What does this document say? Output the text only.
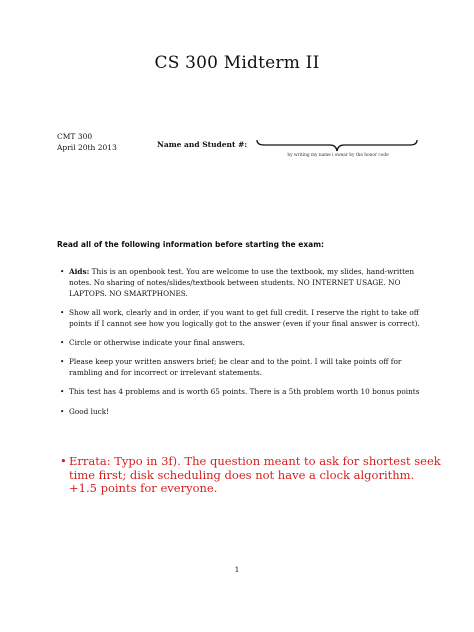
CS 300 Midterm II
CMT 300
April 20th 2013	Name and Student #:
by writing my name i swear by the honor code
Read all of the following information before starting the exam:
• Aids: This is an openbook test. You are welcome to use the textbook, my slides, hand-written notes. No sharing of notes/slides/textbook between students. NO INTERNET USAGE. NO LAPTOPS. NO SMARTPHONES.
• Show all work, clearly and in order, if you want to get full credit. I reserve the right to take off points if I cannot see how you logically got to the answer (even if your final answer is correct).
• Circle or otherwise indicate your final answers.
• Please keep your written answers brief; be clear and to the point. I will take points off for rambling and for incorrect or irrelevant statements.
• This test has 4 problems and is worth 65 points. There is a 5th problem worth 10 bonus points
• Good luck!
• Errata: Typo in 3f). The question meant to ask for shortest seek time first; disk scheduling does not have a clock algorithm. +1.5 points for everyone.
1
